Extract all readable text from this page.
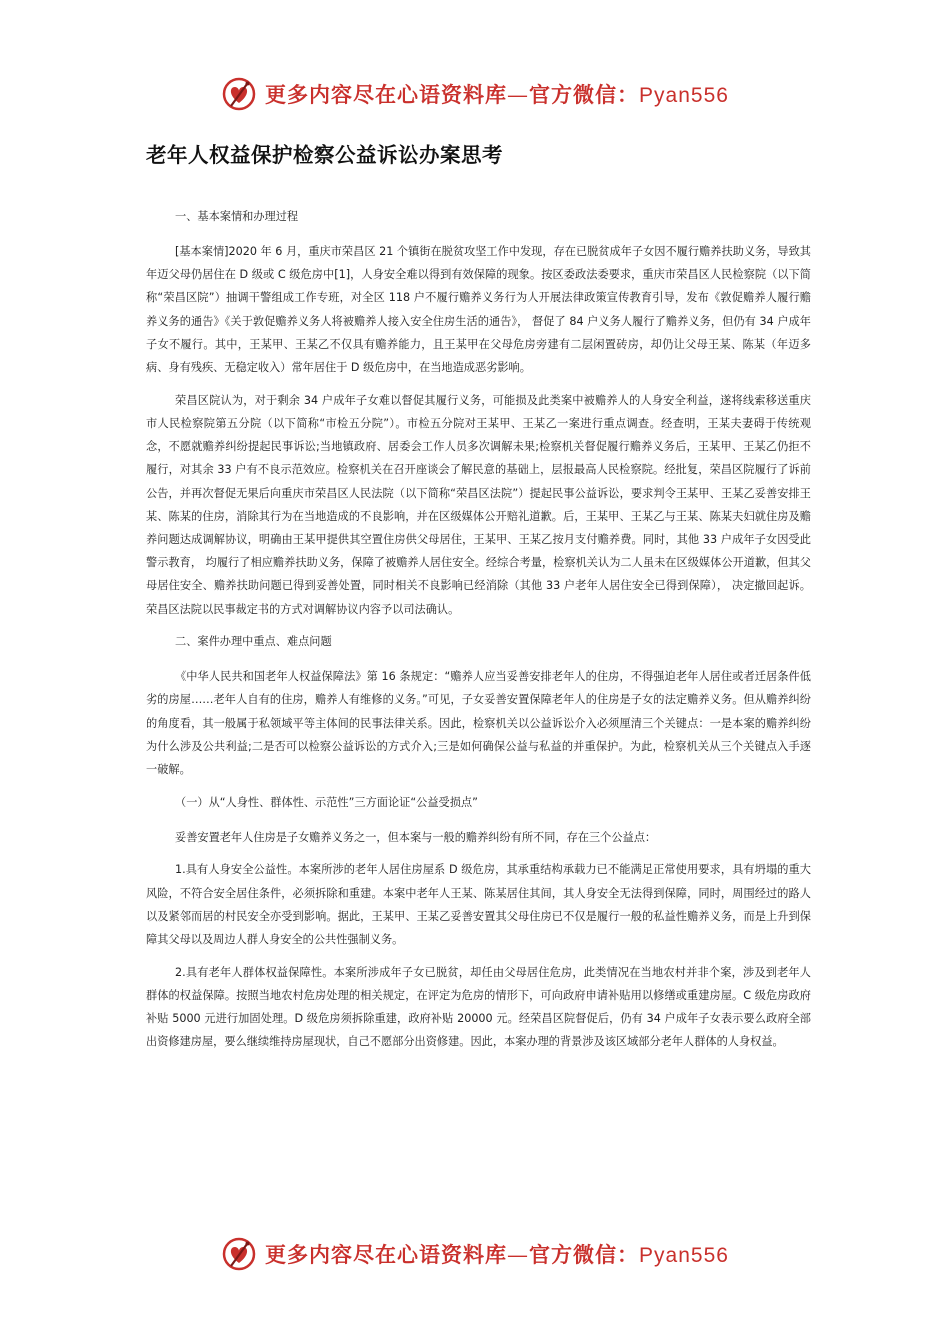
更多内容尽在心语资料库—官方微信：Pyan556
老年人权益保护检察公益诉讼办案思考

一、基本案情和办理过程

[基本案情]2020 年 6 月，重庆市荣昌区 21 个镇街在脱贫攻坚工作中发现，存在已脱贫成年子女因不履行赡养扶助义务，导致其年迈父母仍居住在 D 级或 C 级危房中[1]，人身安全难以得到有效保障的现象。按区委政法委要求，重庆市荣昌区人民检察院（以下简称“荣昌区院”）抽调干警组成工作专班，对全区 118 户不履行赡养义务行为人开展法律政策宣传教育引导，发布《敦促赡养人履行赡养义务的通告》《关于敦促赡养义务人将被赡养人接入安全住房生活的通告》， 督促了 84 户义务人履行了赡养义务，但仍有 34 户成年子女不履行。其中，王某甲、王某乙不仅具有赡养能力，且王某甲在父母危房旁建有二层闲置砖房，却仍让父母王某、陈某（年迈多病、身有残疾、无稳定收入）常年居住于 D 级危房中，在当地造成恶劣影响。

荣昌区院认为，对于剩余 34 户成年子女难以督促其履行义务，可能损及此类案中被赡养人的人身安全利益，遂将线索移送重庆市人民检察院第五分院（以下简称“市检五分院”）。市检五分院对王某甲、王某乙一案进行重点调查。经查明，王某夫妻碍于传统观念，不愿就赡养纠纷提起民事诉讼;当地镇政府、居委会工作人员多次调解未果;检察机关督促履行赡养义务后，王某甲、王某乙仍拒不履行，对其余 33 户有不良示范效应。检察机关在召开座谈会了解民意的基础上，层报最高人民检察院。经批复，荣昌区院履行了诉前公告，并再次督促无果后向重庆市荣昌区人民法院（以下简称“荣昌区法院”）提起民事公益诉讼，要求判令王某甲、王某乙妥善安排王某、陈某的住房，消除其行为在当地造成的不良影响，并在区级媒体公开赔礼道歉。后，王某甲、王某乙与王某、陈某夫妇就住房及赡养问题达成调解协议，明确由王某甲提供其空置住房供父母居住，王某甲、王某乙按月支付赡养费。同时，其他 33 户成年子女因受此警示教育， 均履行了相应赡养扶助义务，保障了被赡养人居住安全。经综合考量，检察机关认为二人虽未在区级媒体公开道歉，但其父母居住安全、赡养扶助问题已得到妥善处置，同时相关不良影响已经消除（其他 33 户老年人居住安全已得到保障）， 决定撤回起诉。荣昌区法院以民事裁定书的方式对调解协议内容予以司法确认。

二、案件办理中重点、难点问题

《中华人民共和国老年人权益保障法》第 16 条规定：“赡养人应当妥善安排老年人的住房，不得强迫老年人居住或者迁居条件低劣的房屋……老年人自有的住房，赡养人有维修的义务。”可见，子女妥善安置保障老年人的住房是子女的法定赡养义务。但从赡养纠纷的角度看，其一般属于私领域平等主体间的民事法律关系。因此，检察机关以公益诉讼介入必须厘清三个关键点：一是本案的赡养纠纷为什么涉及公共利益;二是否可以检察公益诉讼的方式介入;三是如何确保公益与私益的并重保护。为此，检察机关从三个关键点入手逐一破解。

（一）从“人身性、群体性、示范性”三方面论证“公益受损点”

妥善安置老年人住房是子女赡养义务之一，但本案与一般的赡养纠纷有所不同，存在三个公益点：

1.具有人身安全公益性。本案所涉的老年人居住房屋系 D 级危房，其承重结构承载力已不能满足正常使用要求，具有坍塌的重大风险，不符合安全居住条件，必须拆除和重建。本案中老年人王某、陈某居住其间，其人身安全无法得到保障，同时，周围经过的路人以及紧邻而居的村民安全亦受到影响。据此，王某甲、王某乙妥善安置其父母住房已不仅是履行一般的私益性赡养义务，而是上升到保障其父母以及周边人群人身安全的公共性强制义务。

2.具有老年人群体权益保障性。本案所涉成年子女已脱贫，却任由父母居住危房，此类情况在当地农村并非个案，涉及到老年人群体的权益保障。按照当地农村危房处理的相关规定，在评定为危房的情形下，可向政府申请补贴用以修缮或重建房屋。C 级危房政府补贴 5000 元进行加固处理。D 级危房须拆除重建，政府补贴 20000 元。经荣昌区院督促后，仍有 34 户成年子女表示要么政府全部出资修建房屋，要么继续维持房屋现状，自己不愿部分出资修建。因此，本案办理的背景涉及该区域部分老年人群体的人身权益。

更多内容尽在心语资料库—官方微信：Pyan556
